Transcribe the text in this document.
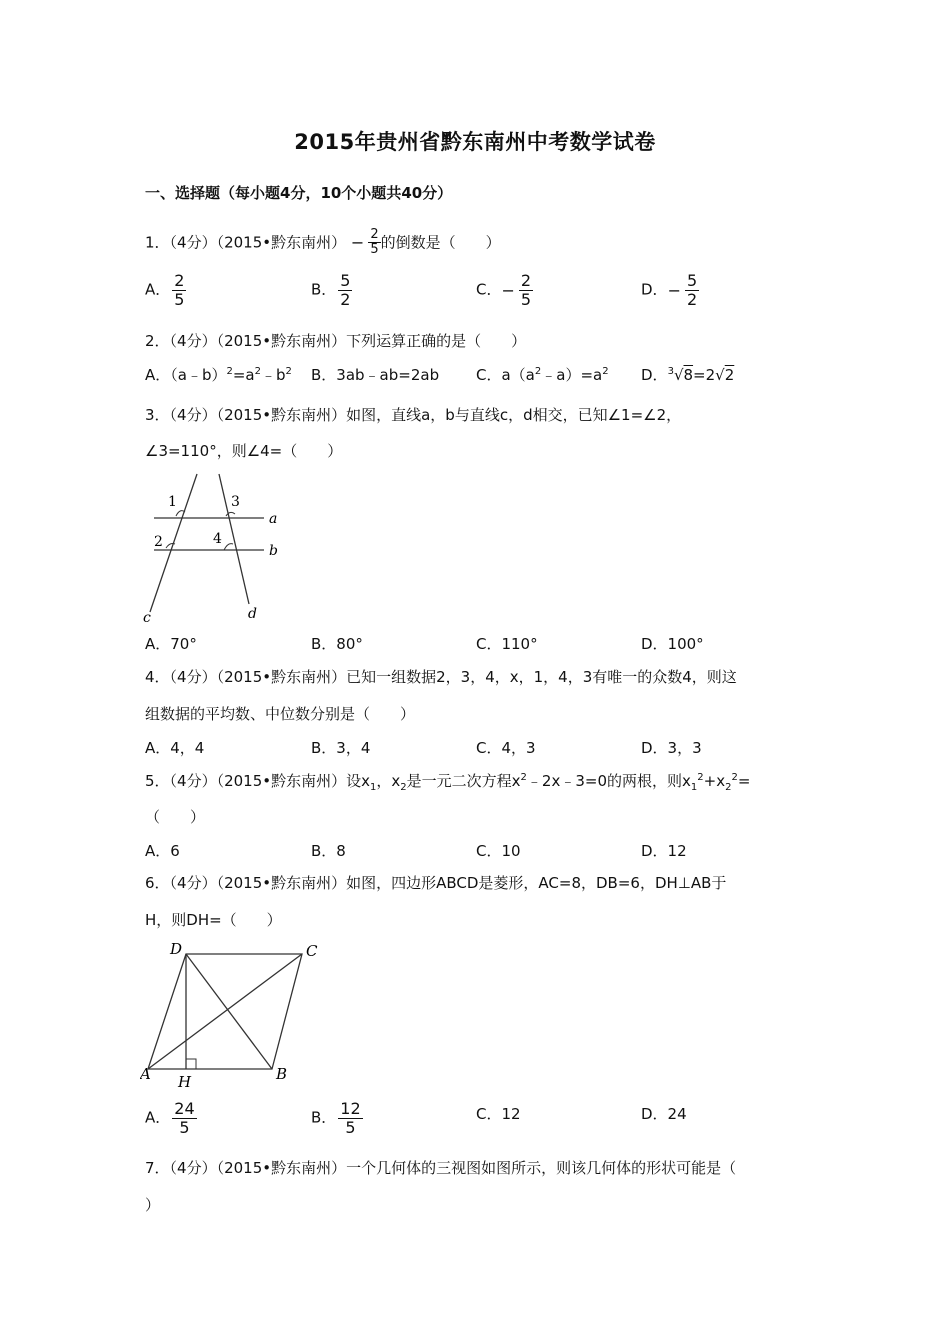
2015年贵州省黔东南州中考数学试卷
一、选择题（每小题4分，10个小题共40分）
1．（4分）（2015•黔东南州） − $\frac{2}{5}$ 的倒数是（　　）
A． $\frac{2}{5}$	B． $\frac{5}{2}$	C．− $\frac{2}{5}$	D．− $\frac{5}{2}$
2．（4分）（2015•黔东南州）下列运算正确的是（　　）
A．$(a﹣b)^2=a^2﹣b^2$ B．3ab﹣ab=2ab C．$a(a^2﹣a)=a^2$ D．$^3$√8=2√2
3．（4分）（2015•黔东南州）如图，直线a，b与直线c，d相交，已知∠1=∠2，
∠3=110°，则∠4=（　　）
1
2
3
4
a
b
c	d
A．70°	B．80°	C．110°	D．100°
4．（4分）（2015•黔东南州）已知一组数据2，3，4，x，1，4，3有唯一的众数4，则这
组数据的平均数、中位数分别是（　　）
A．4，4	B．3，4	C．4，3	D．3，3
5．（4分）（2015•黔东南州）设$x_1$，$x_2$是一元二次方程$x^2﹣2x﹣3=0$的两根，则$x_1^2+x_2^2=$
（　　）
A．6	B．8	C．10	D．12
6．（4分）（2015•黔东南州）如图，四边形ABCD是菱形，AC=8，DB=6，DH⊥AB于
H，则DH=（　　）
D	C
A	B
H
A． $\frac{24}{5}$	B． $\frac{12}{5}$	C．12	D．24
7．（4分）（2015•黔东南州）一个几何体的三视图如图所示，则该几何体的形状可能是（
）
